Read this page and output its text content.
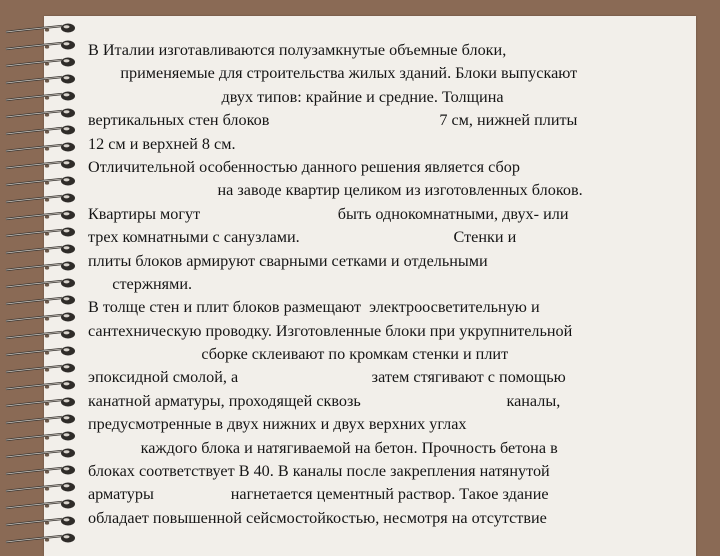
В Италии изготавливаются полузамкнутые объемные блоки,
применяемые для строительства жилых зданий. Блоки выпускают
двух типов: крайние и средние. Толщина
вертикальных стен блоков                                          7 см, нижней плиты
12 см и верхней 8 см.
Отличительной особенностью данного решения является сбор
на заводе квартир целиком из изготовленных блоков.
Квартиры могут                                  быть однокомнатными, двух- или
трех комнатными с санузлами.                                      Стенки и
плиты блоков армируют сварными сетками и отдельными
стержнями.
В толще стен и плит блоков размещают  электроосветительную и
сантехническую проводку. Изготовленные блоки при укрупнительной
сборке склеивают по кромкам стенки и плит
эпоксидной смолой, а                                 затем стягивают с помощью
канатной арматуры, проходящей сквозь                                    каналы,
предусмотренные в двух нижних и двух верхних углах
каждого блока и натягиваемой на бетон. Прочность бетона в
блоках соответствует В 40. В каналы после закрепления натянутой
арматуры                   нагнетается цементный раствор. Такое здание
обладает повышенной сейсмостойкостью, несмотря на отсутствие
